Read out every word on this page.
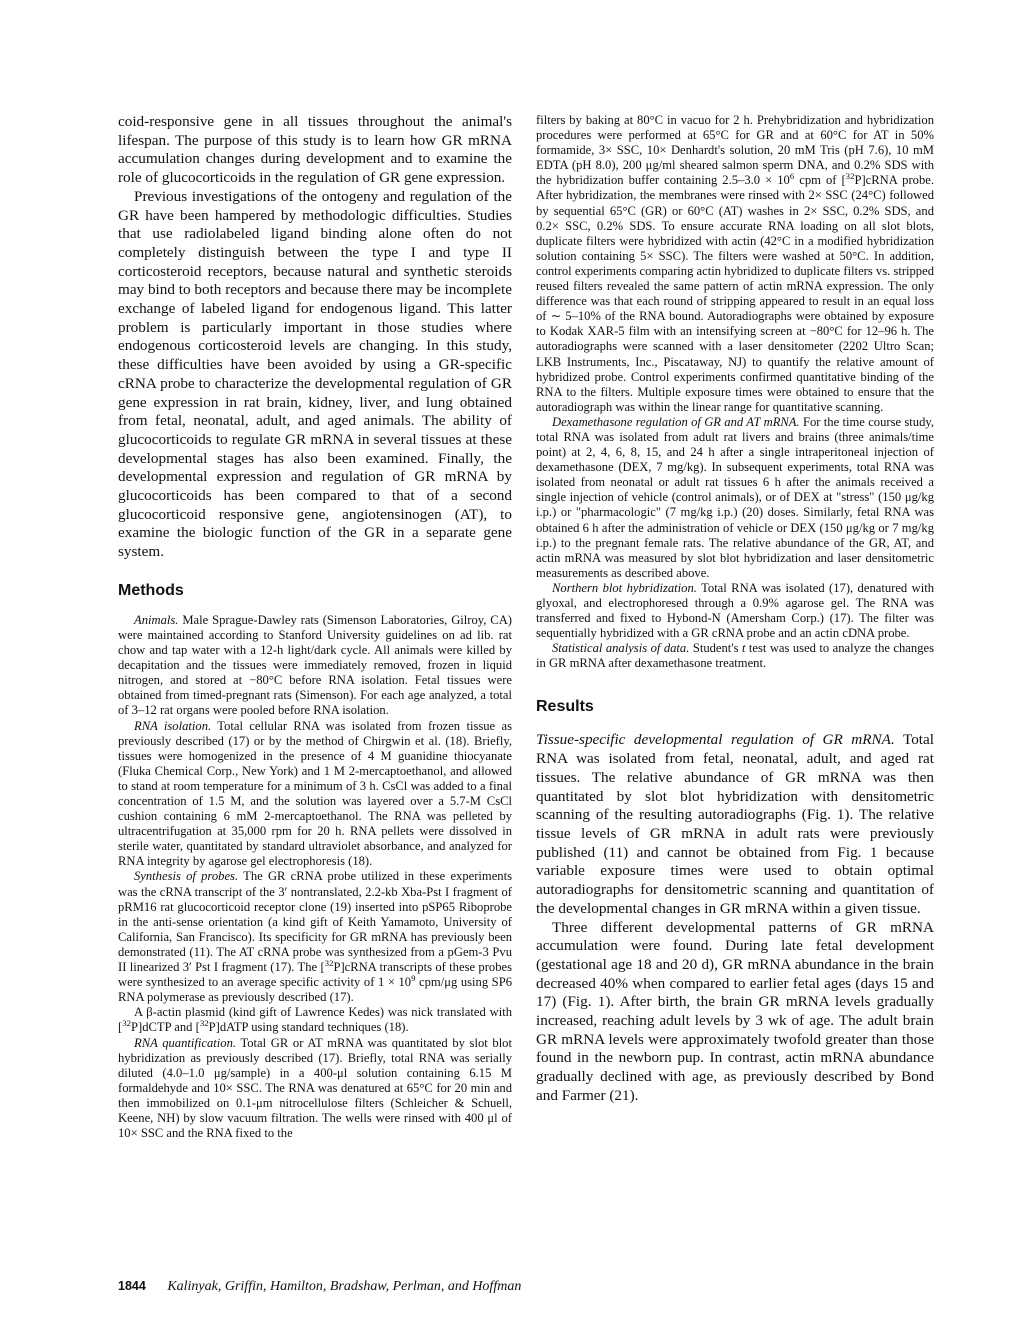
coid-responsive gene in all tissues throughout the animal's lifespan. The purpose of this study is to learn how GR mRNA accumulation changes during development and to examine the role of glucocorticoids in the regulation of GR gene expression.

Previous investigations of the ontogeny and regulation of the GR have been hampered by methodologic difficulties. Studies that use radiolabeled ligand binding alone often do not completely distinguish between the type I and type II corticosteroid receptors, because natural and synthetic steroids may bind to both receptors and because there may be incomplete exchange of labeled ligand for endogenous ligand. This latter problem is particularly important in those studies where endogenous corticosteroid levels are changing. In this study, these difficulties have been avoided by using a GR-specific cRNA probe to characterize the developmental regulation of GR gene expression in rat brain, kidney, liver, and lung obtained from fetal, neonatal, adult, and aged animals. The ability of glucocorticoids to regulate GR mRNA in several tissues at these developmental stages has also been examined. Finally, the developmental expression and regulation of GR mRNA by glucocorticoids has been compared to that of a second glucocorticoid responsive gene, angiotensinogen (AT), to examine the biologic function of the GR in a separate gene system.

Methods

Animals. Male Sprague-Dawley rats (Simenson Laboratories, Gilroy, CA) were maintained according to Stanford University guidelines on ad lib. rat chow and tap water with a 12-h light/dark cycle. All animals were killed by decapitation and the tissues were immediately removed, frozen in liquid nitrogen, and stored at −80°C before RNA isolation. Fetal tissues were obtained from timed-pregnant rats (Simenson). For each age analyzed, a total of 3–12 rat organs were pooled before RNA isolation.

RNA isolation. Total cellular RNA was isolated from frozen tissue as previously described (17) or by the method of Chirgwin et al. (18). Briefly, tissues were homogenized in the presence of 4 M guanidine thiocyanate (Fluka Chemical Corp., New York) and 1 M 2-mercaptoethanol, and allowed to stand at room temperature for a minimum of 3 h. CsCl was added to a final concentration of 1.5 M, and the solution was layered over a 5.7-M CsCl cushion containing 6 mM 2-mercaptoethanol. The RNA was pelleted by ultracentrifugation at 35,000 rpm for 20 h. RNA pellets were dissolved in sterile water, quantitated by standard ultraviolet absorbance, and analyzed for RNA integrity by agarose gel electrophoresis (18).

Synthesis of probes. The GR cRNA probe utilized in these experiments was the cRNA transcript of the 3′ nontranslated, 2.2-kb Xba-Pst I fragment of pRM16 rat glucocorticoid receptor clone (19) inserted into pSP65 Riboprobe in the anti-sense orientation (a kind gift of Keith Yamamoto, University of California, San Francisco). Its specificity for GR mRNA has previously been demonstrated (11). The AT cRNA probe was synthesized from a pGem-3 Pvu II linearized 3′ Pst I fragment (17). The [$^{32}$P]cRNA transcripts of these probes were synthesized to an average specific activity of $1 \times 10^9$ cpm/μg using SP6 RNA polymerase as previously described (17).

A β-actin plasmid (kind gift of Lawrence Kedes) was nick translated with [$^{32}$P]dCTP and [$^{32}$P]dATP using standard techniques (18).

RNA quantification. Total GR or AT mRNA was quantitated by slot blot hybridization as previously described (17). Briefly, total RNA was serially diluted (4.0–1.0 μg/sample) in a 400-μl solution containing 6.15 M formaldehyde and 10× SSC. The RNA was denatured at 65°C for 20 min and then immobilized on 0.1-μm nitrocellulose filters (Schleicher & Schuell, Keene, NH) by slow vacuum filtration. The wells were rinsed with 400 μl of 10× SSC and the RNA fixed to the

filters by baking at 80°C in vacuo for 2 h. Prehybridization and hybridization procedures were performed at 65°C for GR and at 60°C for AT in 50% formamide, 3× SSC, 10× Denhardt's solution, 20 mM Tris (pH 7.6), 10 mM EDTA (pH 8.0), 200 μg/ml sheared salmon sperm DNA, and 0.2% SDS with the hybridization buffer containing $2.5-3.0 \times 10^6$ cpm of [$^{32}$P]cRNA probe. After hybridization, the membranes were rinsed with 2× SSC (24°C) followed by sequential 65°C (GR) or 60°C (AT) washes in 2× SSC, 0.2% SDS, and 0.2× SSC, 0.2% SDS. To ensure accurate RNA loading on all slot blots, duplicate filters were hybridized with actin (42°C in a modified hybridization solution containing 5× SSC). The filters were washed at 50°C. In addition, control experiments comparing actin hybridized to duplicate filters vs. stripped reused filters revealed the same pattern of actin mRNA expression. The only difference was that each round of stripping appeared to result in an equal loss of ∼ 5–10% of the RNA bound. Autoradiographs were obtained by exposure to Kodak XAR-5 film with an intensifying screen at −80°C for 12–96 h. The autoradiographs were scanned with a laser densitometer (2202 Ultro Scan; LKB Instruments, Inc., Piscataway, NJ) to quantify the relative amount of hybridized probe. Control experiments confirmed quantitative binding of the RNA to the filters. Multiple exposure times were obtained to ensure that the autoradiograph was within the linear range for quantitative scanning.

Dexamethasone regulation of GR and AT mRNA. For the time course study, total RNA was isolated from adult rat livers and brains (three animals/time point) at 2, 4, 6, 8, 15, and 24 h after a single intraperitoneal injection of dexamethasone (DEX, 7 mg/kg). In subsequent experiments, total RNA was isolated from neonatal or adult rat tissues 6 h after the animals received a single injection of vehicle (control animals), or of DEX at "stress" (150 μg/kg i.p.) or "pharmacologic" (7 mg/kg i.p.) (20) doses. Similarly, fetal RNA was obtained 6 h after the administration of vehicle or DEX (150 μg/kg or 7 mg/kg i.p.) to the pregnant female rats. The relative abundance of the GR, AT, and actin mRNA was measured by slot blot hybridization and laser densitometric measurements as described above.

Northern blot hybridization. Total RNA was isolated (17), denatured with glyoxal, and electrophoresed through a 0.9% agarose gel. The RNA was transferred and fixed to Hybond-N (Amersham Corp.) (17). The filter was sequentially hybridized with a GR cRNA probe and an actin cDNA probe.

Statistical analysis of data. Student's t test was used to analyze the changes in GR mRNA after dexamethasone treatment.

Results

Tissue-specific developmental regulation of GR mRNA. Total RNA was isolated from fetal, neonatal, adult, and aged rat tissues. The relative abundance of GR mRNA was then quantitated by slot blot hybridization with densitometric scanning of the resulting autoradiographs (Fig. 1). The relative tissue levels of GR mRNA in adult rats were previously published (11) and cannot be obtained from Fig. 1 because variable exposure times were used to obtain optimal autoradiographs for densitometric scanning and quantitation of the developmental changes in GR mRNA within a given tissue.

Three different developmental patterns of GR mRNA accumulation were found. During late fetal development (gestational age 18 and 20 d), GR mRNA abundance in the brain decreased 40% when compared to earlier fetal ages (days 15 and 17) (Fig. 1). After birth, the brain GR mRNA levels gradually increased, reaching adult levels by 3 wk of age. The adult brain GR mRNA levels were approximately twofold greater than those found in the newborn pup. In contrast, actin mRNA abundance gradually declined with age, as previously described by Bond and Farmer (21).

1844 Kalinyak, Griffin, Hamilton, Bradshaw, Perlman, and Hoffman
